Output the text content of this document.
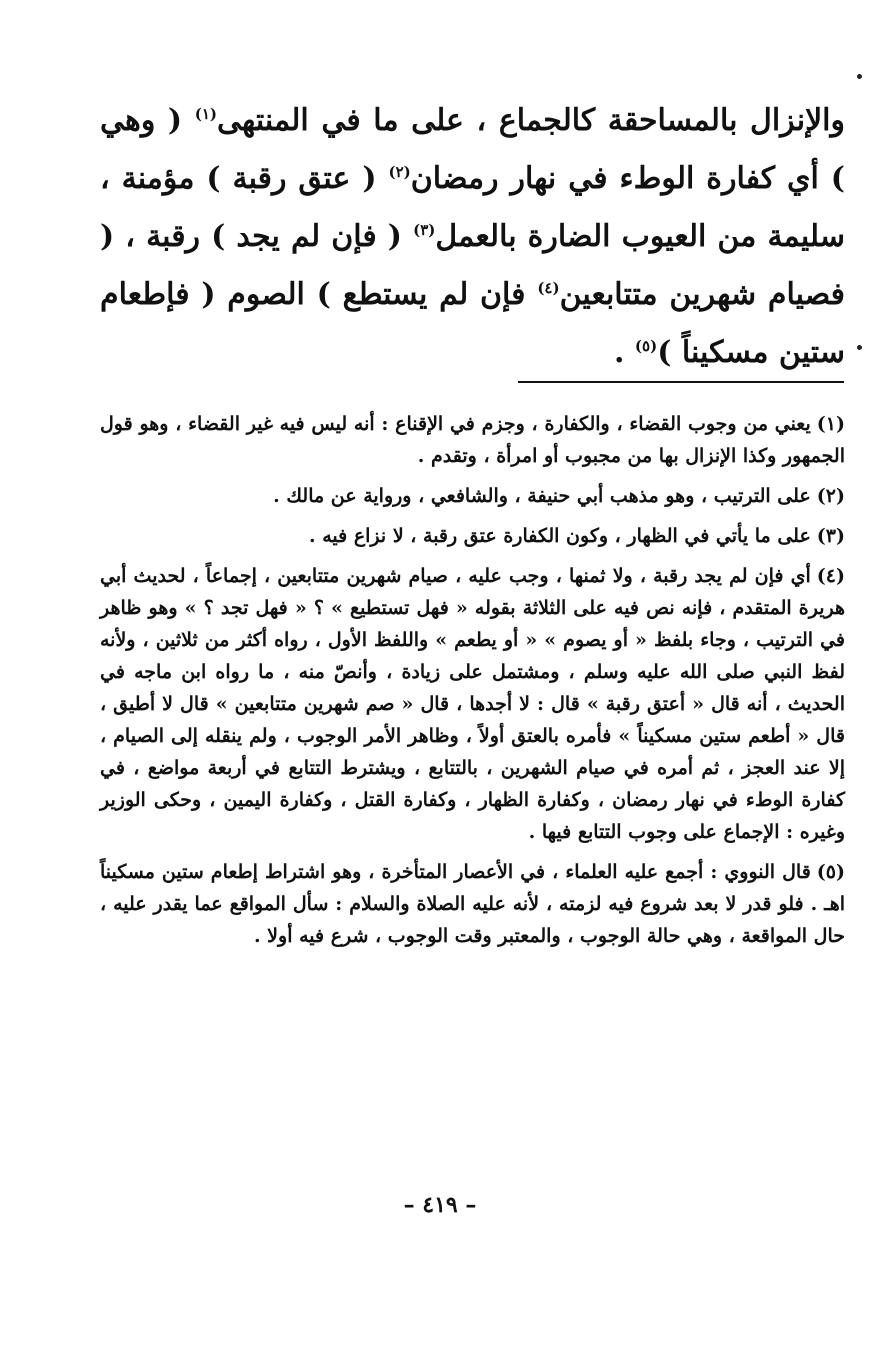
والإنزال بالمساحقة كالجماع ، على ما في المنتهى$^{(١)}$ ( وهي ) أي كفارة الوطء في نهار رمضان$^{(٢)}$ ( عتق رقبة ) مؤمنة ، سليمة من العيوب الضارة بالعمل$^{(٣)}$ ( فإن لم يجد ) رقبة ، ( فصيام شهرين متتابعين$^{(٤)}$ فإن لم يستطع ) الصوم ( فإطعام ستين مسكيناً )$^{(٥)}$ .

(١)يعني من وجوب القضاء ، والكفارة ، وجزم في الإقناع : أنه ليس فيه غير القضاء ، وهو قول الجمهور وكذا الإنزال بها من مجبوب أو امرأة ، وتقدم .

(٢)على الترتيب ، وهو مذهب أبي حنيفة ، والشافعي ، ورواية عن مالك .

(٣)على ما يأتي في الظهار ، وكون الكفارة عتق رقبة ، لا نزاع فيه .

(٤)أي فإن لم يجد رقبة ، ولا ثمنها ، وجب عليه ، صيام شهرين متتابعين ، إجماعاً ، لحديث أبي هريرة المتقدم ، فإنه نص فيه على الثلاثة بقوله « فهل تستطيع » ؟ « فهل تجد ؟ » وهو ظاهر في الترتيب ، وجاء بلفظ « أو يصوم » « أو يطعم » واللفظ الأول ، رواه أكثر من ثلاثين ، ولأنه لفظ النبي صلى الله عليه وسلم ، ومشتمل على زيادة ، وأنصّ منه ، ما رواه ابن ماجه في الحديث ، أنه قال « أعتق رقبة » قال : لا أجدها ، قال « صم شهرين متتابعين » قال لا أطيق ، قال « أطعم ستين مسكيناً » فأمره بالعتق أولاً ، وظاهر الأمر الوجوب ، ولم ينقله إلى الصيام ، إلا عند العجز ، ثم أمره في صيام الشهرين ، بالتتابع ، ويشترط التتابع في أربعة مواضع ، في كفارة الوطء في نهار رمضان ، وكفارة الظهار ، وكفارة القتل ، وكفارة اليمين ، وحكى الوزير وغيره : الإجماع على وجوب التتابع فيها .

(٥)قال النووي : أجمع عليه العلماء ، في الأعصار المتأخرة ، وهو اشتراط إطعام ستين مسكيناً اهـ . فلو قدر لا بعد شروع فيه لزمته ، لأنه عليه الصلاة والسلام : سأل المواقع عما يقدر عليه ، حال المواقعة ، وهي حالة الوجوب ، والمعتبر وقت الوجوب ، شرع فيه أولا .

– ٤١٩ –
